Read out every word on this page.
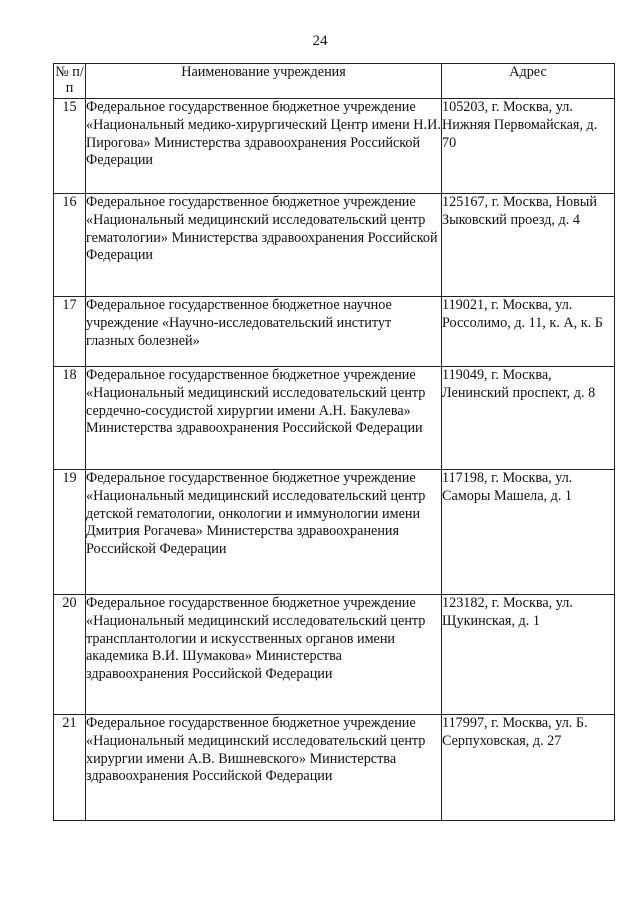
24
№ п/п	Наименование учреждения	Адрес
15	Федеральное государственное бюджетное учреждение «Национальный медико-хирургический Центр имени Н.И. Пирогова» Министерства здравоохранения Российской Федерации	105203, г. Москва, ул. Нижняя Первомайская, д. 70
16	Федеральное государственное бюджетное учреждение «Национальный медицинский исследовательский центр гематологии» Министерства здравоохранения Российской Федерации	125167, г. Москва, Новый Зыковский проезд, д. 4
17	Федеральное государственное бюджетное научное учреждение «Научно-исследовательский институт глазных болезней»	119021, г. Москва, ул. Россолимо, д. 11, к. А, к. Б
18	Федеральное государственное бюджетное учреждение «Национальный медицинский исследовательский центр сердечно-сосудистой хирургии имени А.Н. Бакулева» Министерства здравоохранения Российской Федерации	119049, г. Москва, Ленинский проспект, д. 8
19	Федеральное государственное бюджетное учреждение «Национальный медицинский исследовательский центр детской гематологии, онкологии и иммунологии имени Дмитрия Рогачева» Министерства здравоохранения Российской Федерации	117198, г. Москва, ул. Саморы Машела, д. 1
20	Федеральное государственное бюджетное учреждение «Национальный медицинский исследовательский центр трансплантологии и искусственных органов имени академика В.И. Шумакова» Министерства здравоохранения Российской Федерации	123182, г. Москва, ул. Щукинская, д. 1
21	Федеральное государственное бюджетное учреждение «Национальный медицинский исследовательский центр хирургии имени А.В. Вишневского» Министерства здравоохранения Российской Федерации	117997, г. Москва, ул. Б. Серпуховская, д. 27
